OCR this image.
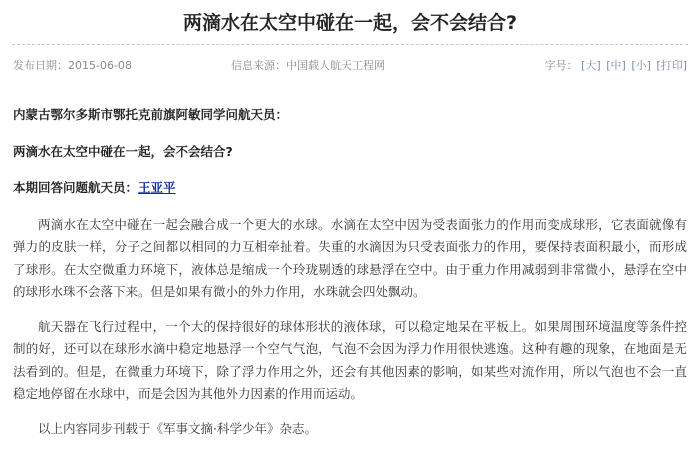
两滴水在太空中碰在一起，会不会结合?
发布日期：2015-06-08	信息来源：中国载人航天工程网	字号： [大] [中] [小] [打印]

内蒙古鄂尔多斯市鄂托克前旗阿敏同学问航天员：

两滴水在太空中碰在一起，会不会结合?

本期回答问题航天员：王亚平

两滴水在太空中碰在一起会融合成一个更大的水球。水滴在太空中因为受表面张力的作用而变成球形，它表面就像有弹力的皮肤一样，分子之间都以相同的力互相牵扯着。失重的水滴因为只受表面张力的作用，要保持表面积最小，而形成了球形。在太空微重力环境下，液体总是缩成一个玲珑剔透的球悬浮在空中。由于重力作用减弱到非常微小，悬浮在空中的球形水珠不会落下来。但是如果有微小的外力作用，水珠就会四处飘动。

航天器在飞行过程中，一个大的保持很好的球体形状的液体球，可以稳定地呆在平板上。如果周围环境温度等条件控制的好，还可以在球形水滴中稳定地悬浮一个空气气泡，气泡不会因为浮力作用很快逃逸。这种有趣的现象，在地面是无法看到的。但是，在微重力环境下，除了浮力作用之外，还会有其他因素的影响，如某些对流作用，所以气泡也不会一直稳定地停留在水球中，而是会因为其他外力因素的作用而运动。

以上内容同步刊载于《军事文摘·科学少年》杂志。
